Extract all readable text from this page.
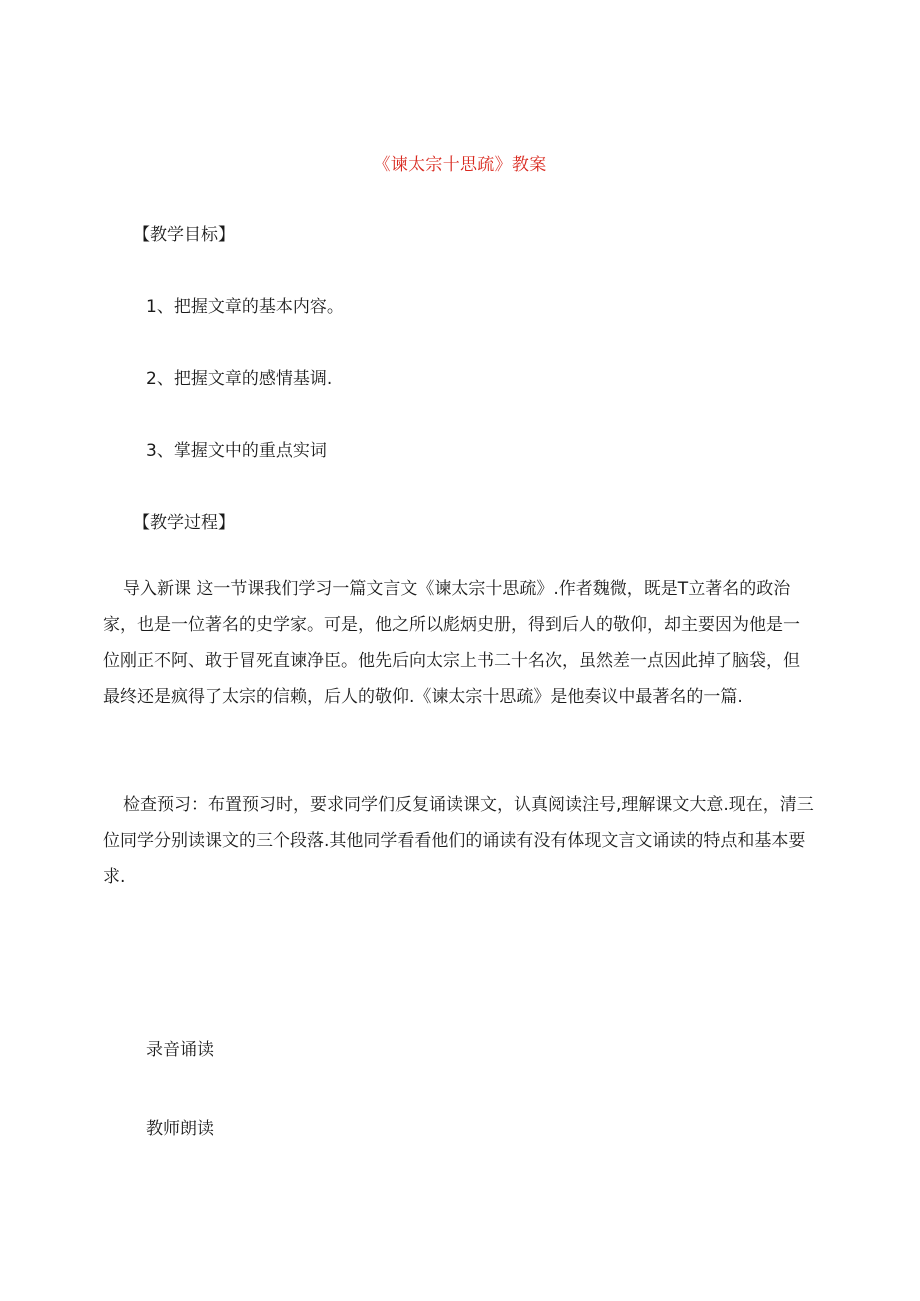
《谏太宗十思疏》教案
【教学目标】
1、把握文章的基本内容。
2、把握文章的感情基调.
3、掌握文中的重点实词
【教学过程】
导入新课 这一节课我们学习一篇文言文《谏太宗十思疏》.作者魏微，既是T立著名的政治家，也是一位著名的史学家。可是，他之所以彪炳史册，得到后人的敬仰，却主要因为他是一位刚正不阿、敢于冒死直谏净臣。他先后向太宗上书二十名次，虽然差一点因此掉了脑袋，但最终还是疯得了太宗的信赖，后人的敬仰.《谏太宗十思疏》是他奏议中最著名的一篇.
检查预习：布置预习时，要求同学们反复诵读课文，认真阅读注号,理解课文大意.现在，清三位同学分别读课文的三个段落.其他同学看看他们的诵读有没有体现文言文诵读的特点和基本要求.
录音诵读
教师朗读
